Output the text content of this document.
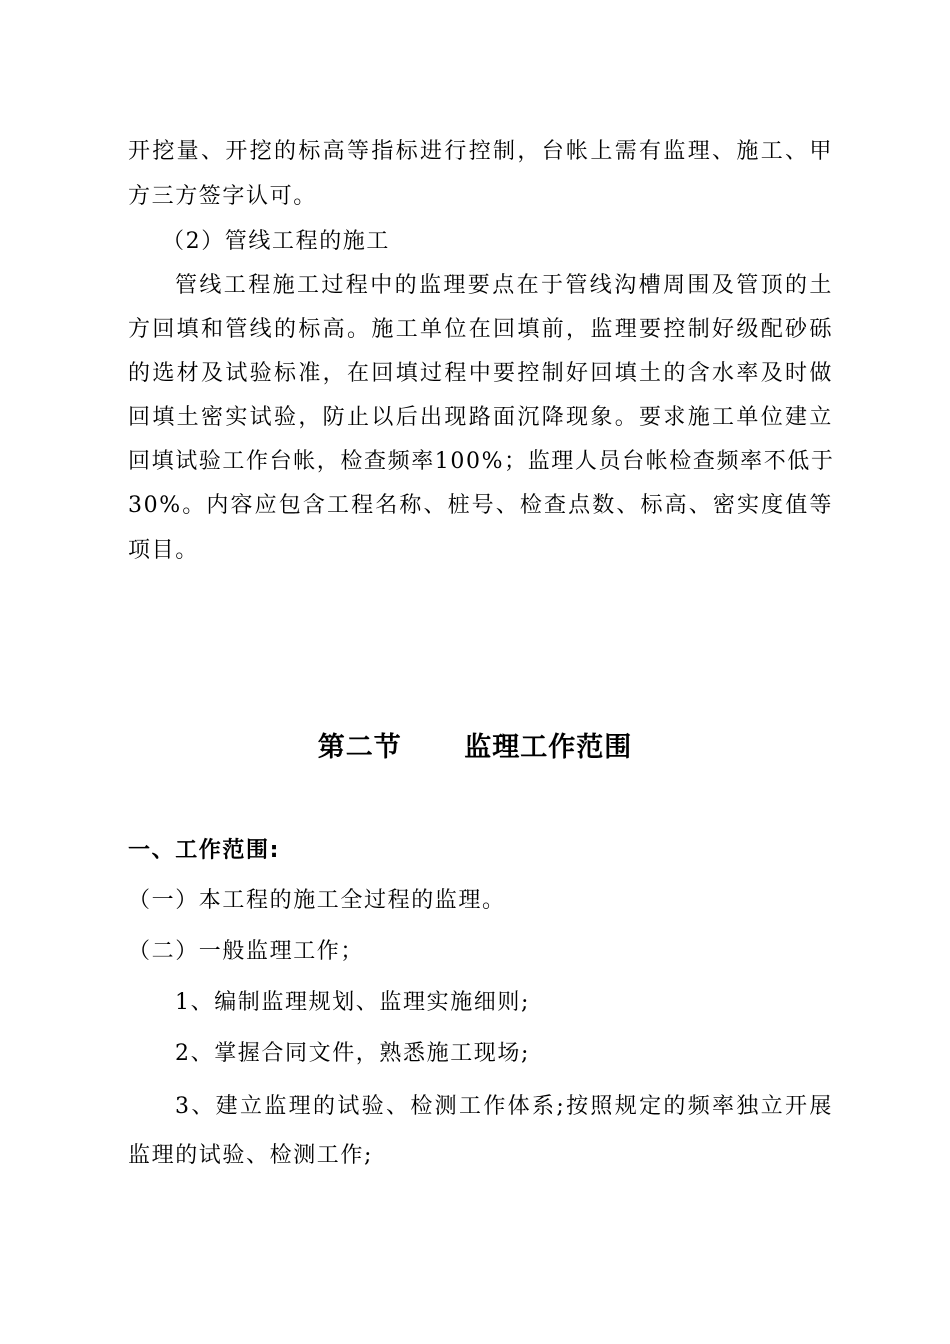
开挖量、开挖的标高等指标进行控制，台帐上需有监理、施工、甲
方三方签字认可。
（2）管线工程的施工
管线工程施工过程中的监理要点在于管线沟槽周围及管顶的土
方回填和管线的标高。施工单位在回填前，监理要控制好级配砂砾
的选材及试验标准，在回填过程中要控制好回填土的含水率及时做
回填土密实试验，防止以后出现路面沉降现象。要求施工单位建立
回填试验工作台帐，检查频率100%；监理人员台帐检查频率不低于
30%。内容应包含工程名称、桩号、检查点数、标高、密实度值等
项目。
第二节      监理工作范围
一、工作范围:
（一）本工程的施工全过程的监理。
（二）一般监理工作；
1、编制监理规划、监理实施细则;
2、掌握合同文件，熟悉施工现场;
3、建立监理的试验、检测工作体系;按照规定的频率独立开展
监理的试验、检测工作;
